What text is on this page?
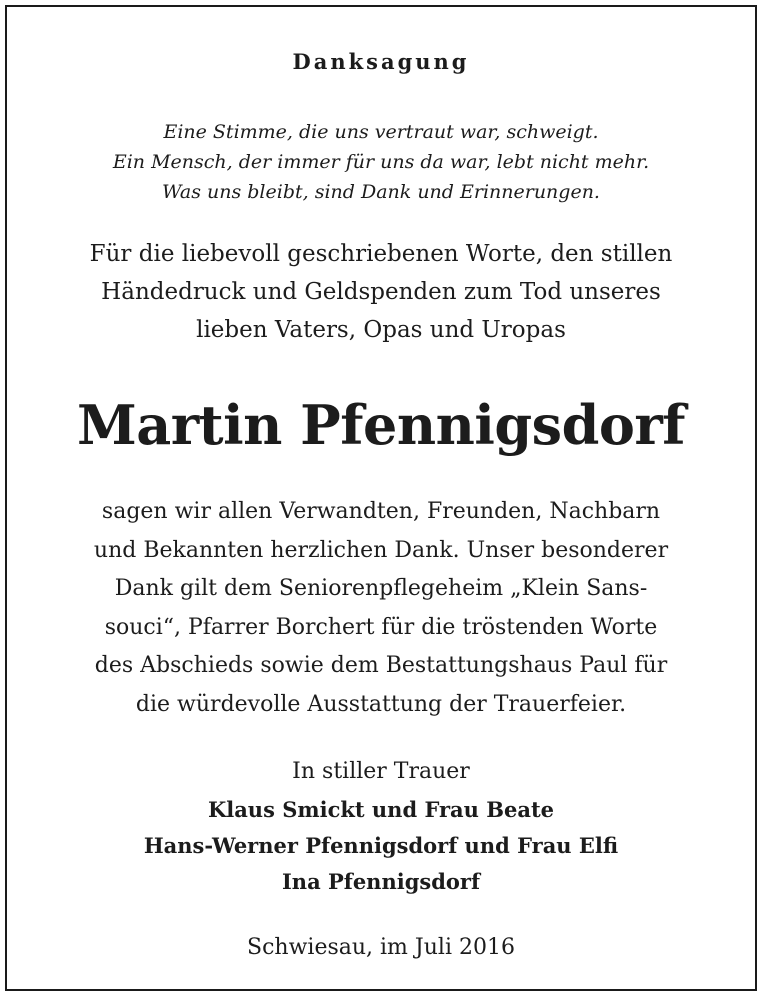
Danksagung
Eine Stimme, die uns vertraut war, schweigt.
Ein Mensch, der immer für uns da war, lebt nicht mehr.
Was uns bleibt, sind Dank und Erinnerungen.
Für die liebevoll geschriebenen Worte, den stillen
Händedruck und Geldspenden zum Tod unseres
lieben Vaters, Opas und Uropas
Martin Pfennigsdorf
sagen wir allen Verwandten, Freunden, Nachbarn
und Bekannten herzlichen Dank. Unser besonderer
Dank gilt dem Seniorenpflegeheim „Klein Sans-
souci“, Pfarrer Borchert für die tröstenden Worte
des Abschieds sowie dem Bestattungshaus Paul für
die würdevolle Ausstattung der Trauerfeier.
In stiller Trauer
Klaus Smickt und Frau Beate
Hans-Werner Pfennigsdorf und Frau Elfi
Ina Pfennigsdorf
Schwiesau, im Juli 2016
